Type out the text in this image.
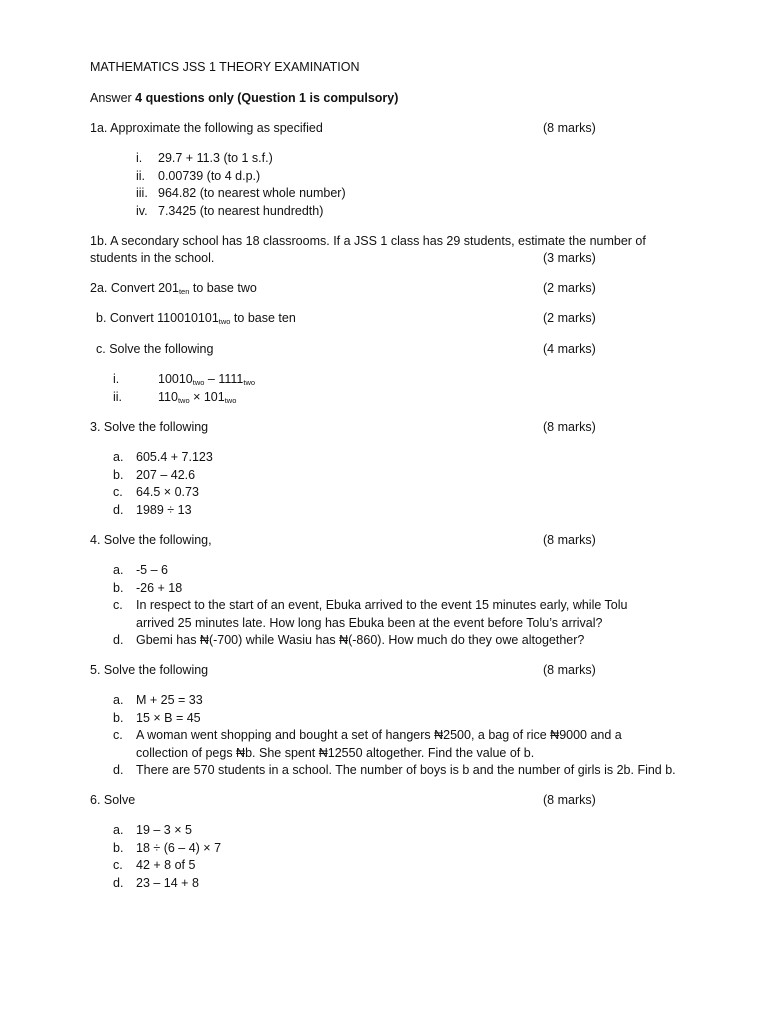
MATHEMATICS JSS 1 THEORY EXAMINATION
Answer 4 questions only (Question 1 is compulsory)
1a. Approximate the following as specified	(8 marks)
i. 29.7 + 11.3 (to 1 s.f.)
ii. 0.00739 (to 4 d.p.)
iii. 964.82 (to nearest whole number)
iv. 7.3425 (to nearest hundredth)
1b. A secondary school has 18 classrooms. If a JSS 1 class has 29 students, estimate the number of
students in the school.	(3 marks)
2a. Convert $201_{ten}$ to base two	(2 marks)
b. Convert $110010101_{two}$ to base ten	(2 marks)
c. Solve the following	(4 marks)
i.	$10010_{two} - 1111_{two}$
ii.	$110_{two} \times 101_{two}$
3. Solve the following	(8 marks)
a. 605.4 + 7.123
b. 207 – 42.6
c. 64.5 × 0.73
d. 1989 ÷ 13
4. Solve the following,	(8 marks)
a. -5 – 6
b. -26 + 18
c. In respect to the start of an event, Ebuka arrived to the event 15 minutes early, while Tolu
arrived 25 minutes late. How long has Ebuka been at the event before Tolu’s arrival?
d. Gbemi has ₦(-700) while Wasiu has ₦(-860). How much do they owe altogether?
5. Solve the following	(8 marks)
a. M + 25 = 33
b. 15 × B = 45
c. A woman went shopping and bought a set of hangers ₦2500, a bag of rice ₦9000 and a
collection of pegs ₦b. She spent ₦12550 altogether. Find the value of b.
d. There are 570 students in a school. The number of boys is b and the number of girls is 2b. Find b.
6. Solve	(8 marks)
a. 19 – 3 × 5
b. 18 ÷ (6 – 4) × 7
c. 42 + 8 of 5
d. 23 – 14 + 8
